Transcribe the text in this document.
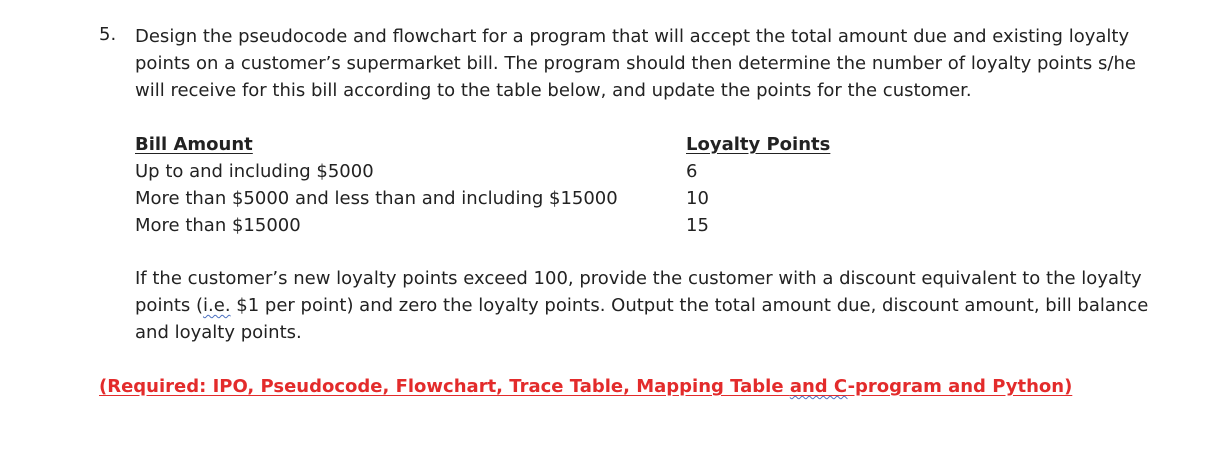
5. Design the pseudocode and flowchart for a program that will accept the total amount due and existing loyalty
points on a customer’s supermarket bill. The program should then determine the number of loyalty points s/he
will receive for this bill according to the table below, and update the points for the customer.
Bill Amount	Loyalty Points
Up to and including $5000	6
More than $5000 and less than and including $15000	10
More than $15000	15
If the customer’s new loyalty points exceed 100, provide the customer with a discount equivalent to the loyalty
points (i.e. $1 per point) and zero the loyalty points. Output the total amount due, discount amount, bill balance
and loyalty points.
(Required: IPO, Pseudocode, Flowchart, Trace Table, Mapping Table and C-program and Python)
